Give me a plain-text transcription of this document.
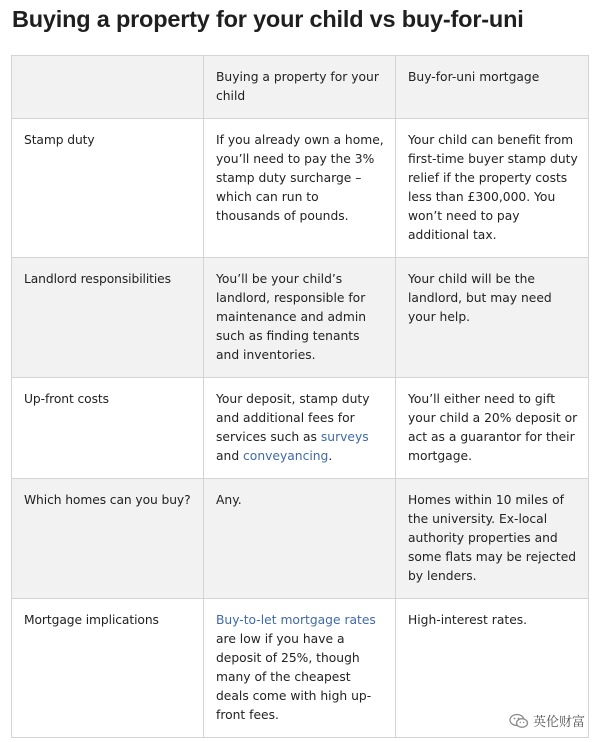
Buying a property for your child vs buy-for-uni
	Buying a property for your child	Buy-for-uni mortgage
Stamp duty	If you already own a home, you’ll need to pay the 3% stamp duty surcharge – which can run to thousands of pounds.	Your child can benefit from first-time buyer stamp duty relief if the property costs less than £300,000. You won’t need to pay additional tax.
Landlord responsibilities	You’ll be your child’s landlord, responsible for maintenance and admin such as finding tenants and inventories.	Your child will be the landlord, but may need your help.
Up-front costs	Your deposit, stamp duty and additional fees for services such as surveys and conveyancing.	You’ll either need to gift your child a 20% deposit or act as a guarantor for their mortgage.
Which homes can you buy?	Any.	Homes within 10 miles of the university. Ex-local authority properties and some flats may be rejected by lenders.
Mortgage implications	Buy-to-let mortgage rates are low if you have a deposit of 25%, though many of the cheapest deals come with high up-front fees.	High-interest rates.
英伦财富
